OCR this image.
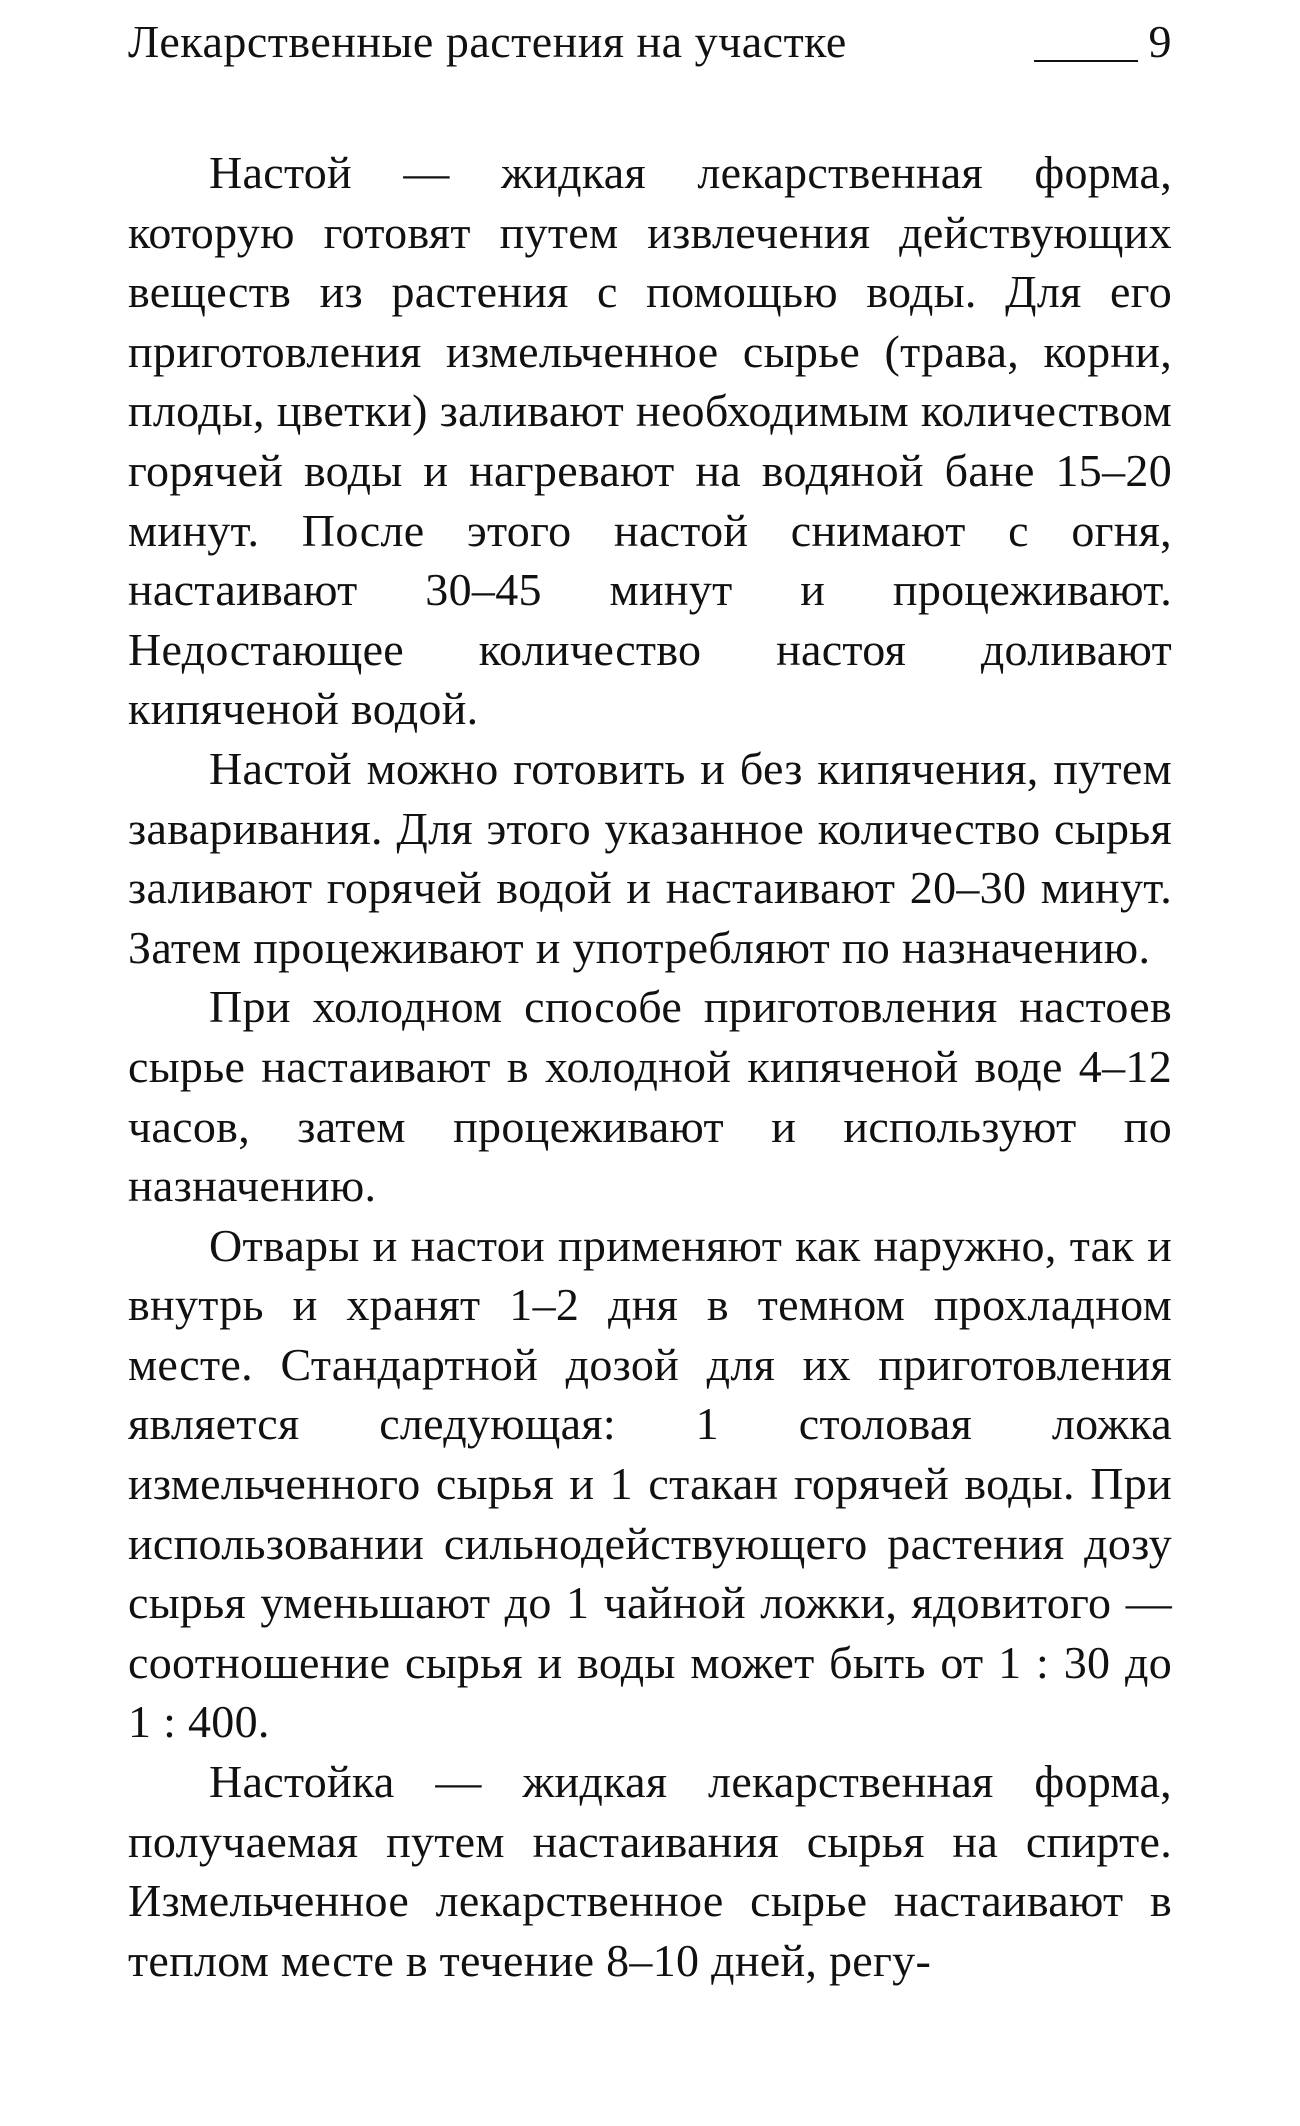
Лекарственные растения на участке	9

Настой — жидкая лекарственная форма, которую готовят путем извлечения действующих веществ из растения с помощью воды. Для его приготовления измельченное сырье (трава, корни, плоды, цветки) заливают необходимым количеством горячей воды и нагревают на водяной бане 15–20 минут. После этого настой снимают с огня, настаивают 30–45 минут и процеживают. Недостающее количество настоя доливают кипяченой водой.

Настой можно готовить и без кипячения, путем заваривания. Для этого указанное количество сырья заливают горячей водой и настаивают 20–30 минут. Затем процеживают и употребляют по назначению.

При холодном способе приготовления настоев сырье настаивают в холодной кипяченой воде 4–12 часов, затем процеживают и используют по назначению.

Отвары и настои применяют как наружно, так и внутрь и хранят 1–2 дня в темном прохладном месте. Стандартной дозой для их приготовления является следующая: 1 столовая ложка измельченного сырья и 1 стакан горячей воды. При использовании сильнодействующего растения дозу сырья уменьшают до 1 чайной ложки, ядовитого — соотношение сырья и воды может быть от 1 : 30 до 1 : 400.

Настойка — жидкая лекарственная форма, получаемая путем настаивания сырья на спирте. Измельченное лекарственное сырье настаивают в теплом месте в течение 8–10 дней, регу-
